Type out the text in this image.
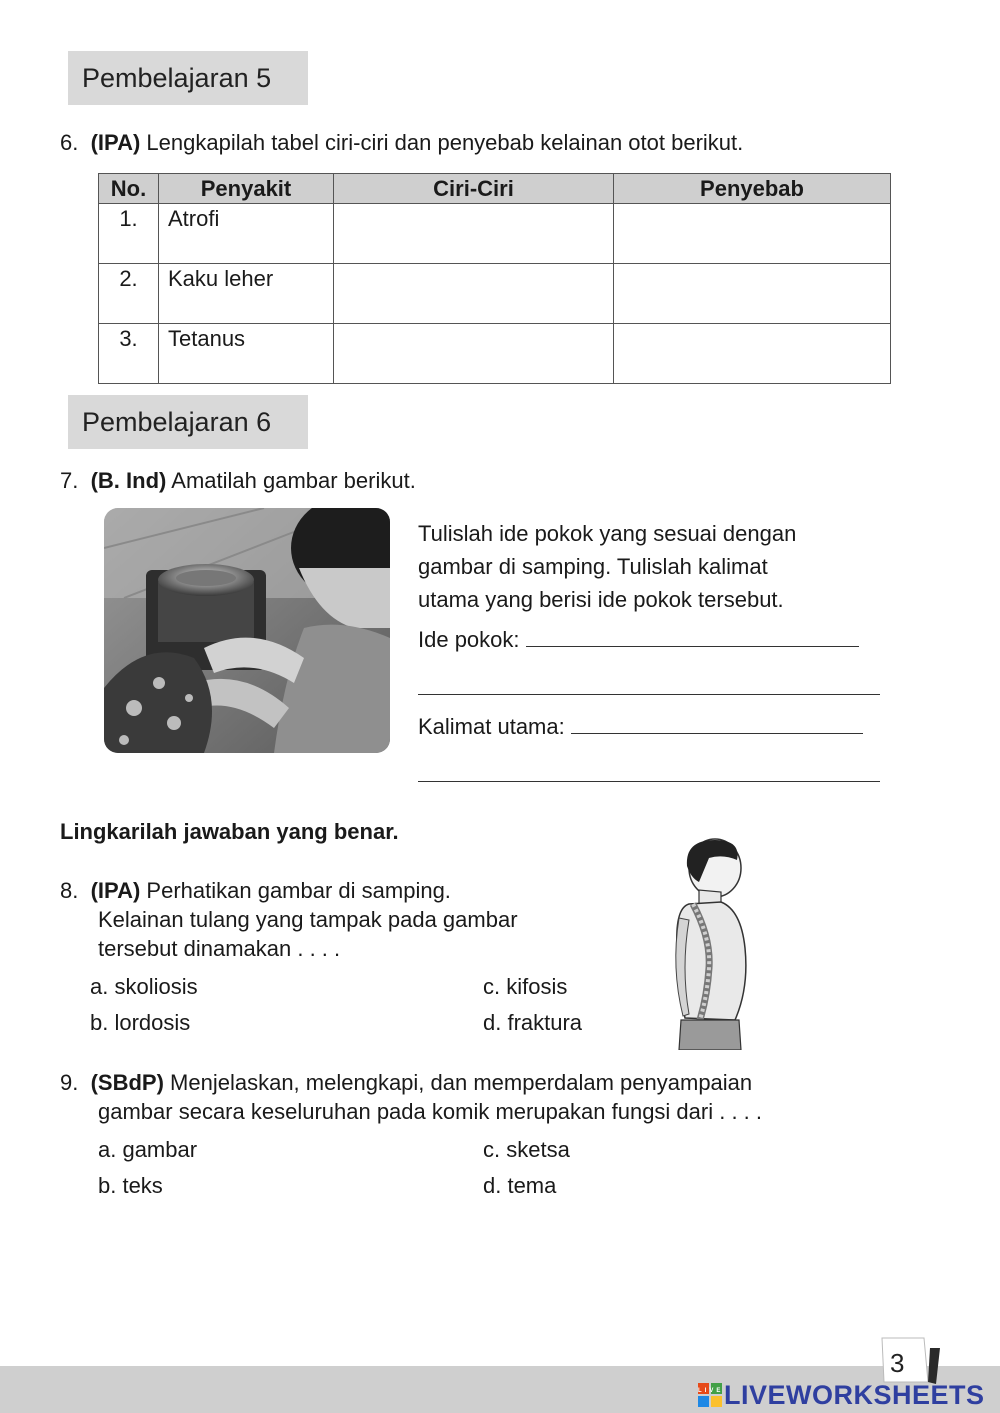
Pembelajaran 5
6. (IPA) Lengkapilah tabel ciri-ciri dan penyebab kelainan otot berikut.
No.	Penyakit	Ciri-Ciri	Penyebab
1.	Atrofi		
2.	Kaku leher		
3.	Tetanus		
Pembelajaran 6
7. (B. Ind) Amatilah gambar berikut.
Tulislah ide pokok yang sesuai dengan
gambar di samping. Tulislah kalimat
utama yang berisi ide pokok tersebut.
Ide pokok:
Kalimat utama:
Lingkarilah jawaban yang benar.
8. (IPA) Perhatikan gambar di samping.
Kelainan tulang yang tampak pada gambar
tersebut dinamakan . . . .
a. skoliosis	c. kifosis
b. lordosis	d. fraktura
9. (SBdP) Menjelaskan, melengkapi, dan memperdalam penyampaian
gambar secara keseluruhan pada komik merupakan fungsi dari . . . .
a. gambar	c. sketsa
b. teks	d. tema
3
LIVE LIVEWORKSHEETS
